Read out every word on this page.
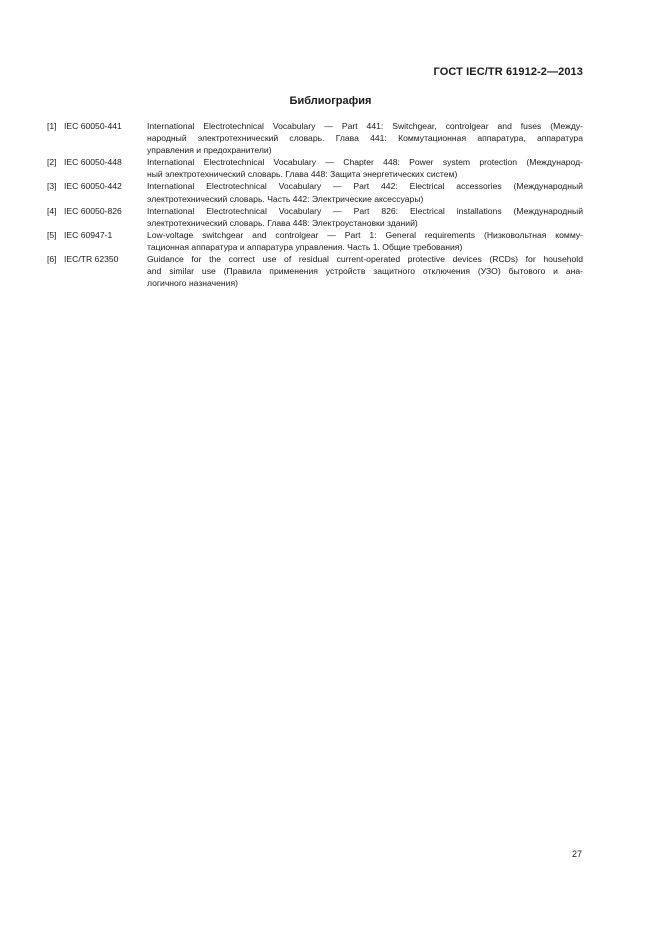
ГОСТ IEC/TR 61912-2—2013
Библиография
[1] IEC 60050-441	International Electrotechnical Vocabulary — Part 441: Switchgear, controlgear and fuses (Между-
народный электротехнический словарь. Глава 441: Коммутационная аппаратура, аппаратура
управления и предохранители)
[2] IEC 60050-448	International Electrotechnical Vocabulary — Chapter 448: Power system protection (Международ-
ный электротехнический словарь. Глава 448: Защита энергетических систем)
[3] IEC 60050-442	International Electrotechnical Vocabulary — Part 442: Electrical accessories (Международный
электротехнический словарь. Часть 442: Электрические аксессуары)
[4] IEC 60050-826	International Electrotechnical Vocabulary — Part 826: Electrical installations (Международный
электротехнический словарь. Глава 448: Электроустановки зданий)
[5] IEC 60947-1	Low-voltage switchgear and controlgear — Part 1: General requirements (Низковольтная комму-
тационная аппаратура и аппаратура управления. Часть 1. Общие требования)
[6] IEC/TR 62350	Guidance for the correct use of residual current-operated protective devices (RCDs) for household
and similar use (Правила применения устройств защитного отключения (УЗО) бытового и ана-
логичного назначения)
27
